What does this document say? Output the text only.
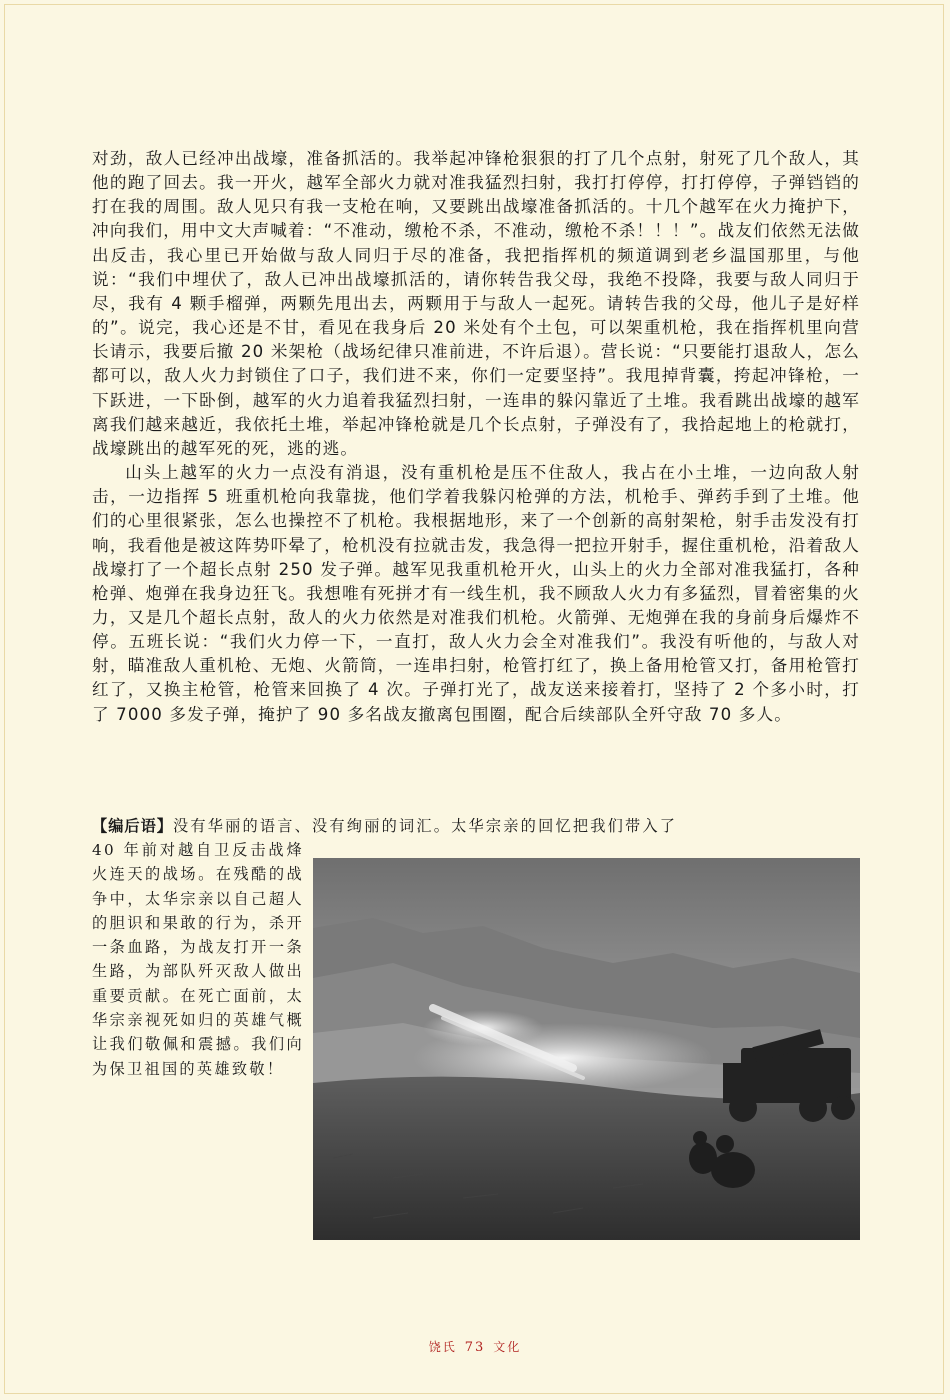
对劲，敌人已经冲出战壕，准备抓活的。我举起冲锋枪狠狠的打了几个点射，射死了几个敌人，其他的跑了回去。我一开火，越军全部火力就对准我猛烈扫射，我打打停停，打打停停，子弹铛铛的打在我的周围。敌人见只有我一支枪在响，又要跳出战壕准备抓活的。十几个越军在火力掩护下，冲向我们，用中文大声喊着：“不准动，缴枪不杀，不准动，缴枪不杀！！！”。战友们依然无法做出反击，我心里已开始做与敌人同归于尽的准备，我把指挥机的频道调到老乡温国那里，与他说：“我们中埋伏了，敌人已冲出战壕抓活的，请你转告我父母，我绝不投降，我要与敌人同归于尽，我有 4 颗手榴弹，两颗先甩出去，两颗用于与敌人一起死。请转告我的父母，他儿子是好样的”。说完，我心还是不甘，看见在我身后 20 米处有个土包，可以架重机枪，我在指挥机里向营长请示，我要后撤 20 米架枪（战场纪律只准前进，不许后退）。营长说：“只要能打退敌人，怎么都可以，敌人火力封锁住了口子，我们进不来，你们一定要坚持”。我甩掉背囊，挎起冲锋枪，一下跃进，一下卧倒，越军的火力追着我猛烈扫射，一连串的躲闪靠近了土堆。我看跳出战壕的越军离我们越来越近，我依托土堆，举起冲锋枪就是几个长点射，子弹没有了，我拾起地上的枪就打，战壕跳出的越军死的死，逃的逃。

山头上越军的火力一点没有消退，没有重机枪是压不住敌人，我占在小土堆，一边向敌人射击，一边指挥 5 班重机枪向我靠拢，他们学着我躲闪枪弹的方法，机枪手、弹药手到了土堆。他们的心里很紧张，怎么也操控不了机枪。我根据地形，来了一个创新的高射架枪，射手击发没有打响，我看他是被这阵势吓晕了，枪机没有拉就击发，我急得一把拉开射手，握住重机枪，沿着敌人战壕打了一个超长点射 250 发子弹。越军见我重机枪开火，山头上的火力全部对准我猛打，各种枪弹、炮弹在我身边狂飞。我想唯有死拼才有一线生机，我不顾敌人火力有多猛烈，冒着密集的火力，又是几个超长点射，敌人的火力依然是对准我们机枪。火箭弹、无炮弹在我的身前身后爆炸不停。五班长说：“我们火力停一下，一直打，敌人火力会全对准我们”。我没有听他的，与敌人对射，瞄准敌人重机枪、无炮、火箭筒，一连串扫射，枪管打红了，换上备用枪管又打，备用枪管打红了，又换主枪管，枪管来回换了 4 次。子弹打光了，战友送来接着打，坚持了 2 个多小时，打了 7000 多发子弹，掩护了 90 多名战友撤离包围圈，配合后续部队全歼守敌 70 多人。

【编后语】没有华丽的语言、没有绚丽的词汇。太华宗亲的回忆把我们带入了
40 年前对越自卫反击战烽火连天的战场。在残酷的战争中，太华宗亲以自己超人的胆识和果敢的行为，杀开一条血路，为战友打开一条生路，为部队歼灭敌人做出重要贡献。在死亡面前，太华宗亲视死如归的英雄气概让我们敬佩和震撼。我们向为保卫祖国的英雄致敬！
饶氏 73 文化
